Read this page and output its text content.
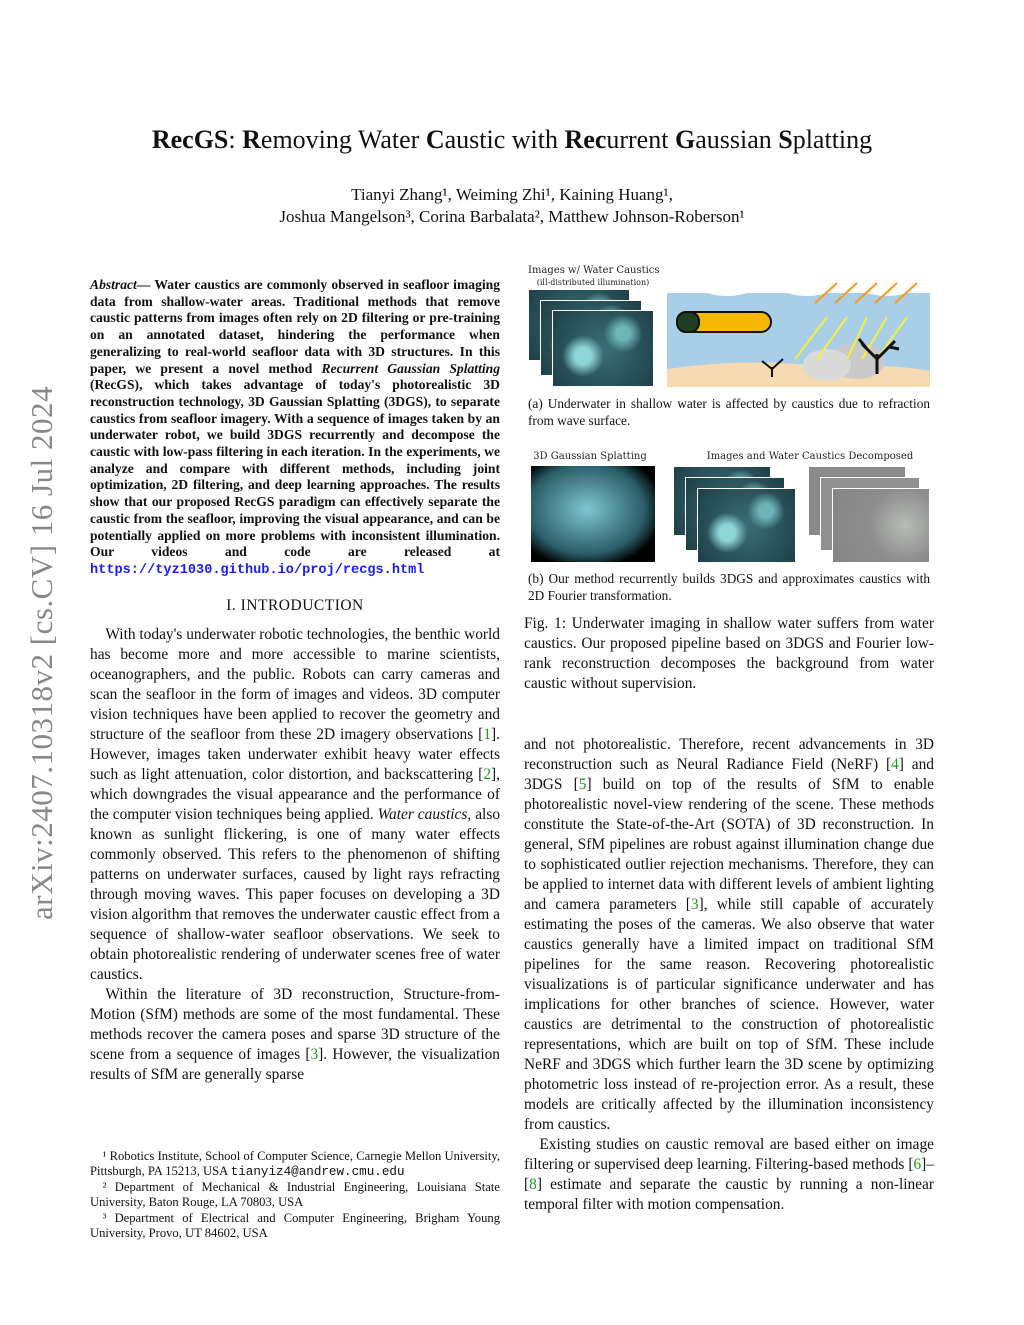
arXiv:2407.10318v2 [cs.CV] 16 Jul 2024
RecGS: Removing Water Caustic with Recurrent Gaussian Splatting
Tianyi Zhang¹, Weiming Zhi¹, Kaining Huang¹,
Joshua Mangelson³, Corina Barbalata², Matthew Johnson-Roberson¹
Abstract— Water caustics are commonly observed in seafloor imaging data from shallow-water areas. Traditional methods that remove caustic patterns from images often rely on 2D filtering or pre-training on an annotated dataset, hindering the performance when generalizing to real-world seafloor data with 3D structures. In this paper, we present a novel method Recurrent Gaussian Splatting (RecGS), which takes advantage of today's photorealistic 3D reconstruction technology, 3D Gaussian Splatting (3DGS), to separate caustics from seafloor imagery. With a sequence of images taken by an underwater robot, we build 3DGS recurrently and decompose the caustic with low-pass filtering in each iteration. In the experiments, we analyze and compare with different methods, including joint optimization, 2D filtering, and deep learning approaches. The results show that our proposed RecGS paradigm can effectively separate the caustic from the seafloor, improving the visual appearance, and can be potentially applied on more problems with inconsistent illumination. Our videos and code are released at https://tyz1030.github.io/proj/recgs.html
I. INTRODUCTION

With today's underwater robotic technologies, the benthic world has become more and more accessible to marine scientists, oceanographers, and the public. Robots can carry cameras and scan the seafloor in the form of images and videos. 3D computer vision techniques have been applied to recover the geometry and structure of the seafloor from these 2D imagery observations [1]. However, images taken underwater exhibit heavy water effects such as light attenuation, color distortion, and backscattering [2], which downgrades the visual appearance and the performance of the computer vision techniques being applied. Water caustics, also known as sunlight flickering, is one of many water effects commonly observed. This refers to the phenomenon of shifting patterns on underwater surfaces, caused by light rays refracting through moving waves. This paper focuses on developing a 3D vision algorithm that removes the underwater caustic effect from a sequence of shallow-water seafloor observations. We seek to obtain photorealistic rendering of underwater scenes free of water caustics.

Within the literature of 3D reconstruction, Structure-from-Motion (SfM) methods are some of the most fundamental. These methods recover the camera poses and sparse 3D structure of the scene from a sequence of images [3]. However, the visualization results of SfM are generally sparse

¹ Robotics Institute, School of Computer Science, Carnegie Mellon University, Pittsburgh, PA 15213, USA tianyiz4@andrew.cmu.edu

² Department of Mechanical & Industrial Engineering, Louisiana State University, Baton Rouge, LA 70803, USA

³ Department of Electrical and Computer Engineering, Brigham Young University, Provo, UT 84602, USA

Images w/ Water Caustics
(ill-distributed illumination)
(a) Underwater in shallow water is affected by caustics due to refraction from wave surface.
3D Gaussian Splatting	Images and Water Caustics Decomposed
(b) Our method recurrently builds 3DGS and approximates caustics with 2D Fourier transformation.
Fig. 1: Underwater imaging in shallow water suffers from water caustics. Our proposed pipeline based on 3DGS and Fourier low-rank reconstruction decomposes the background from water caustic without supervision.

and not photorealistic. Therefore, recent advancements in 3D reconstruction such as Neural Radiance Field (NeRF) [4] and 3DGS [5] build on top of the results of SfM to enable photorealistic novel-view rendering of the scene. These methods constitute the State-of-the-Art (SOTA) of 3D reconstruction. In general, SfM pipelines are robust against illumination change due to sophisticated outlier rejection mechanisms. Therefore, they can be applied to internet data with different levels of ambient lighting and camera parameters [3], while still capable of accurately estimating the poses of the cameras. We also observe that water caustics generally have a limited impact on traditional SfM pipelines for the same reason. Recovering photorealistic visualizations is of particular significance underwater and has implications for other branches of science. However, water caustics are detrimental to the construction of photorealistic representations, which are built on top of SfM. These include NeRF and 3DGS which further learn the 3D scene by optimizing photometric loss instead of re-projection error. As a result, these models are critically affected by the illumination inconsistency from caustics.

Existing studies on caustic removal are based either on image filtering or supervised deep learning. Filtering-based methods [6]–[8] estimate and separate the caustic by running a non-linear temporal filter with motion compensation.
